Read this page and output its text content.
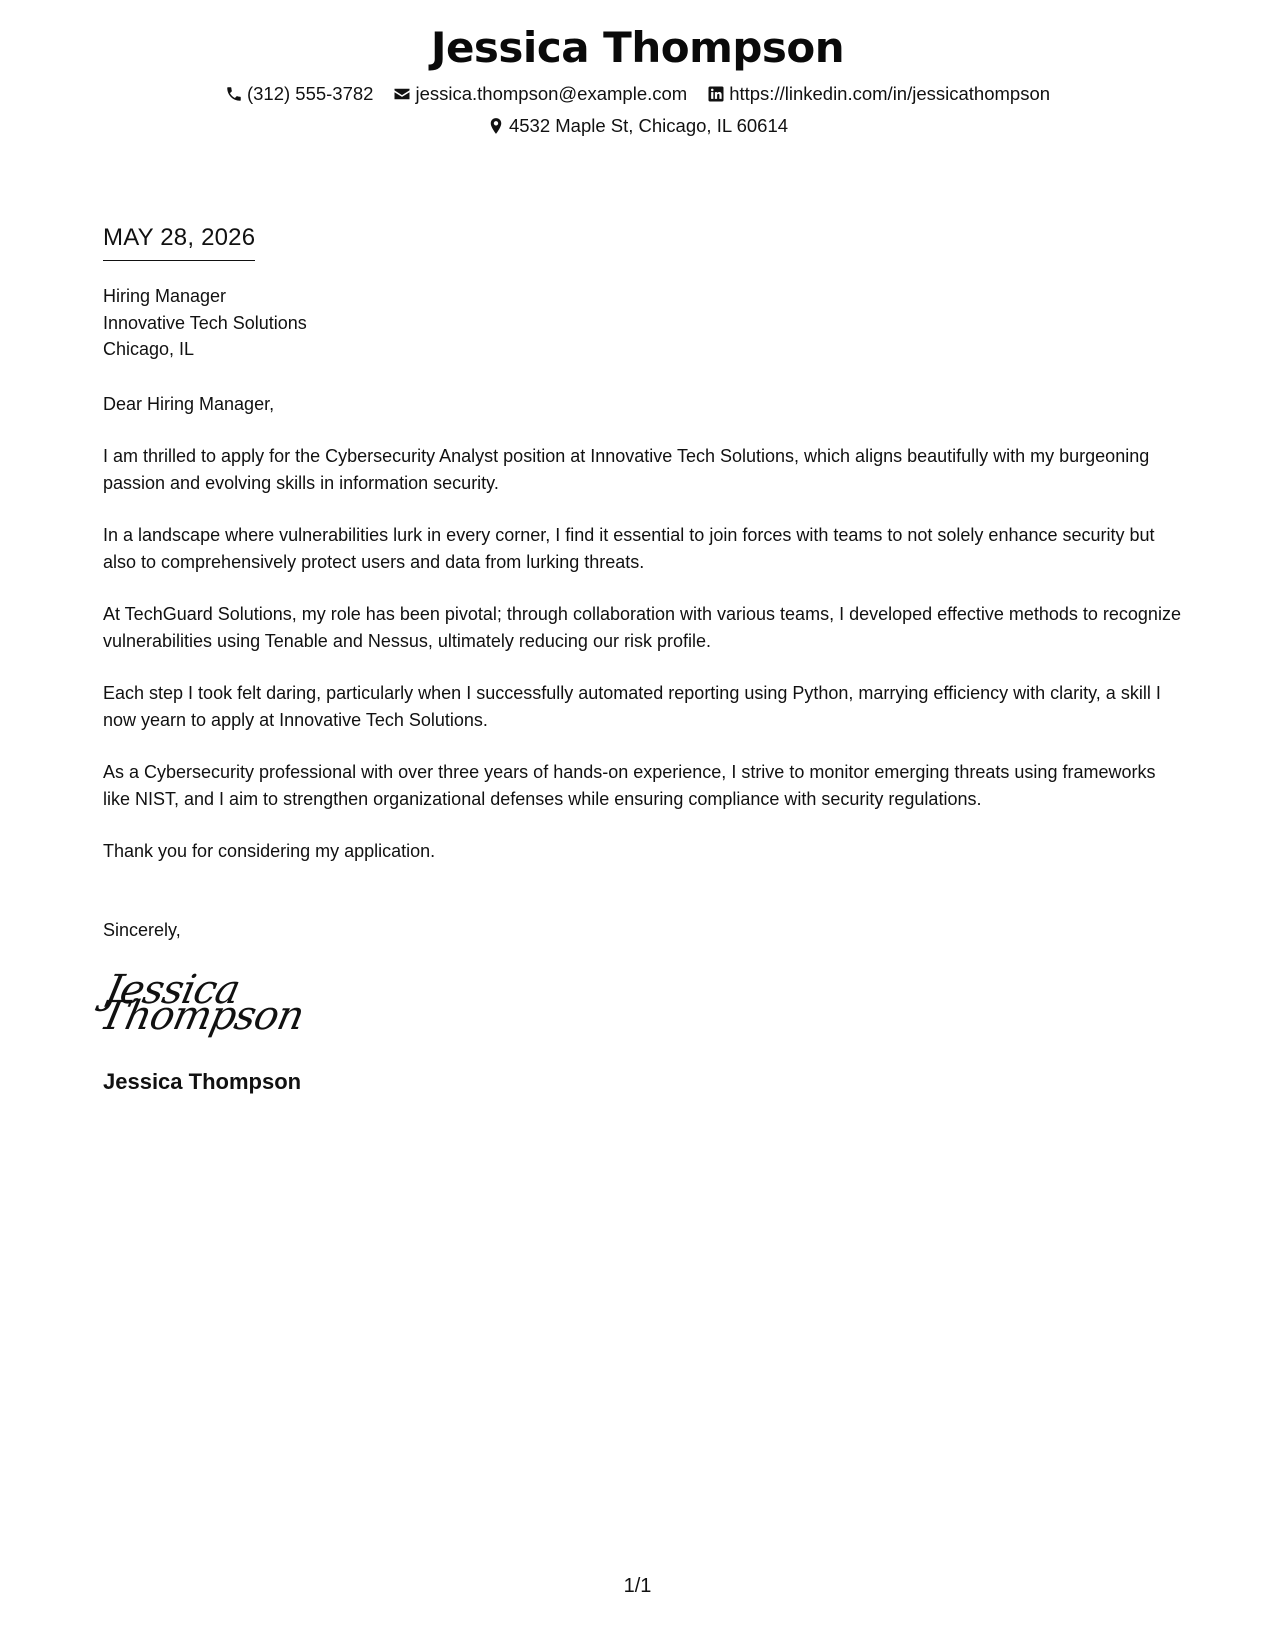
Jessica Thompson
(312) 555-3782 jessica.thompson@example.com https://linkedin.com/in/jessicathompson
4532 Maple St, Chicago, IL 60614
MAY 28, 2026
Hiring Manager
Innovative Tech Solutions
Chicago, IL

Dear Hiring Manager,

I am thrilled to apply for the Cybersecurity Analyst position at Innovative Tech Solutions, which aligns beautifully with my burgeoning passion and evolving skills in information security.

In a landscape where vulnerabilities lurk in every corner, I find it essential to join forces with teams to not solely enhance security but also to comprehensively protect users and data from lurking threats.

At TechGuard Solutions, my role has been pivotal; through collaboration with various teams, I developed effective methods to recognize vulnerabilities using Tenable and Nessus, ultimately reducing our risk profile.

Each step I took felt daring, particularly when I successfully automated reporting using Python, marrying efficiency with clarity, a skill I now yearn to apply at Innovative Tech Solutions.

As a Cybersecurity professional with over three years of hands-on experience, I strive to monitor emerging threats using frameworks like NIST, and I aim to strengthen organizational defenses while ensuring compliance with security regulations.

Thank you for considering my application.

Sincerely,

Jessica Thompson
Jessica Thompson
1/1
